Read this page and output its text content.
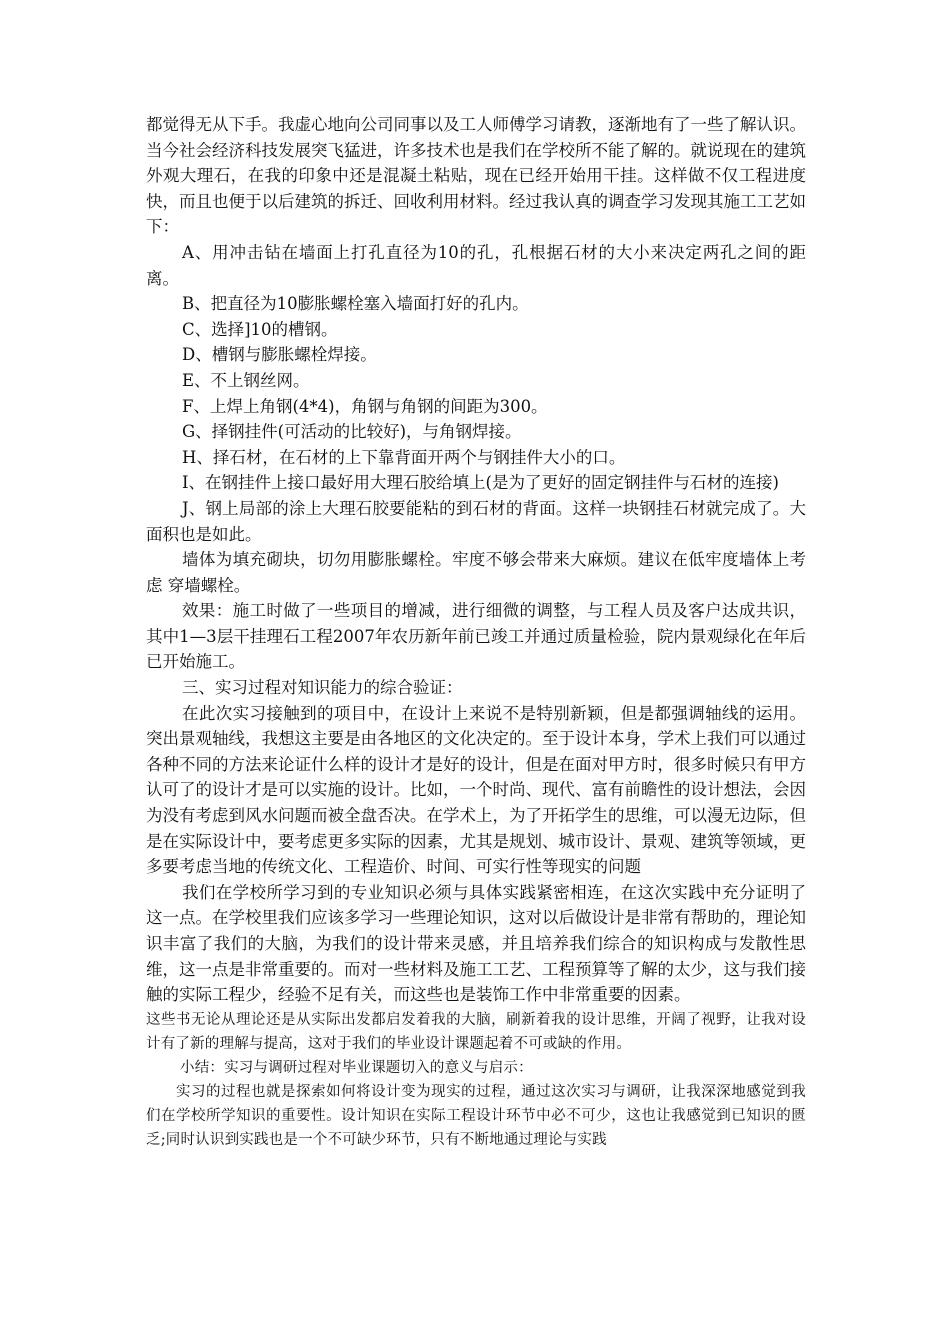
都觉得无从下手。我虚心地向公司同事以及工人师傅学习请教，逐渐地有了一些了解认识。当今社会经济科技发展突飞猛进，许多技术也是我们在学校所不能了解的。就说现在的建筑外观大理石，在我的印象中还是混凝土粘贴，现在已经开始用干挂。这样做不仅工程进度快，而且也便于以后建筑的拆迁、回收利用材料。经过我认真的调查学习发现其施工工艺如下：

A、用冲击钻在墙面上打孔直径为10的孔，孔根据石材的大小来决定两孔之间的距离。

B、把直径为10膨胀螺栓塞入墙面打好的孔内。

C、选择]10的槽钢。

D、槽钢与膨胀螺栓焊接。

E、不上钢丝网。

F、上焊上角钢(4*4)，角钢与角钢的间距为300。

G、择钢挂件(可活动的比较好)，与角钢焊接。

H、择石材，在石材的上下靠背面开两个与钢挂件大小的口。

I、在钢挂件上接口最好用大理石胶给填上(是为了更好的固定钢挂件与石材的连接)

J、钢上局部的涂上大理石胶要能粘的到石材的背面。这样一块钢挂石材就完成了。大面积也是如此。

墙体为填充砌块，切勿用膨胀螺栓。牢度不够会带来大麻烦。建议在低牢度墙体上考虑 穿墙螺栓。

效果：施工时做了一些项目的增减，进行细微的调整，与工程人员及客户达成共识，其中1—3层干挂理石工程2007年农历新年前已竣工并通过质量检验，院内景观绿化在年后已开始施工。

三、实习过程对知识能力的综合验证：

在此次实习接触到的项目中，在设计上来说不是特别新颖，但是都强调轴线的运用。突出景观轴线，我想这主要是由各地区的文化决定的。至于设计本身，学术上我们可以通过各种不同的方法来论证什么样的设计才是好的设计，但是在面对甲方时，很多时候只有甲方认可了的设计才是可以实施的设计。比如，一个时尚、现代、富有前瞻性的设计想法，会因为没有考虑到风水问题而被全盘否决。在学术上，为了开拓学生的思维，可以漫无边际，但是在实际设计中，要考虑更多实际的因素，尤其是规划、城市设计、景观、建筑等领域，更多要考虑当地的传统文化、工程造价、时间、可实行性等现实的问题

我们在学校所学习到的专业知识必须与具体实践紧密相连，在这次实践中充分证明了这一点。在学校里我们应该多学习一些理论知识，这对以后做设计是非常有帮助的，理论知识丰富了我们的大脑，为我们的设计带来灵感，并且培养我们综合的知识构成与发散性思维，这一点是非常重要的。而对一些材料及施工工艺、工程预算等了解的太少，这与我们接触的实际工程少，经验不足有关，而这些也是装饰工作中非常重要的因素。

这些书无论从理论还是从实际出发都启发着我的大脑，刷新着我的设计思维，开阔了视野，让我对设计有了新的理解与提高，这对于我们的毕业设计课题起着不可或缺的作用。

小结：实习与调研过程对毕业课题切入的意义与启示：

实习的过程也就是探索如何将设计变为现实的过程，通过这次实习与调研，让我深深地感觉到我们在学校所学知识的重要性。设计知识在实际工程设计环节中必不可少，这也让我感觉到已知识的匮乏;同时认识到实践也是一个不可缺少环节，只有不断地通过理论与实践
